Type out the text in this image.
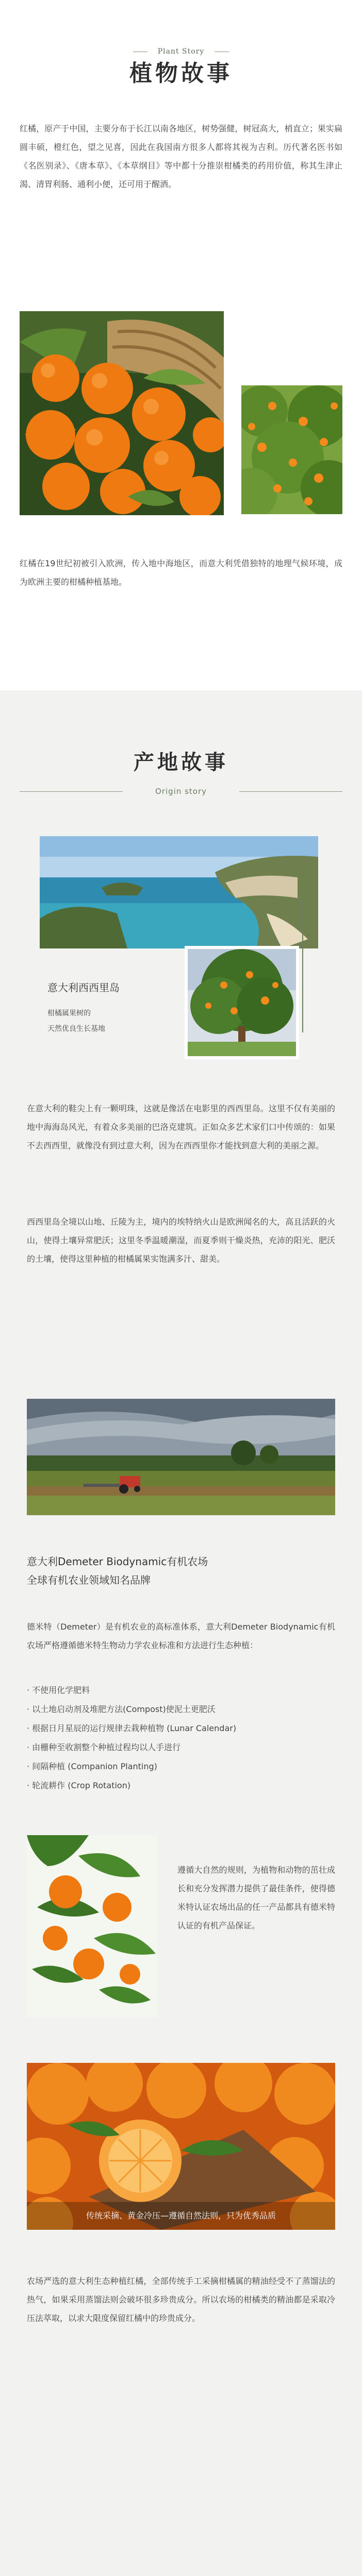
Plant Story
植物故事
红橘，原产于中国，主要分布于长江以南各地区，树势强健，树冠高大，梢直立；果实扁圆丰硕，橙红色，望之见喜，因此在我国南方很多人都将其视为吉利。历代著名医书如《名医别录》、《唐本草》、《本草纲目》等中都十分推崇柑橘类的药用价值，称其生津止渴、清胃利肠、通利小便，还可用于醒酒。
红橘在19世纪初被引入欧洲，传入地中海地区，而意大利凭借独特的地理气候环境，成为欧洲主要的柑橘种植基地。
产地故事
Origin story
意大利西西里岛
柑橘属果树的
天然优良生长基地
在意大利的鞋尖上有一颗明珠，这就是像活在电影里的西西里岛。这里不仅有美丽的地中海海岛风光，有着众多美丽的巴洛克建筑。正如众多艺术家们口中传颂的：如果不去西西里，就像没有到过意大利，因为在西西里你才能找到意大利的美丽之源。
西西里岛全境以山地、丘陵为主，境内的埃特纳火山是欧洲闻名的大，高且活跃的火山，使得土壤异常肥沃；这里冬季温暖潮湿，而夏季则干燥炎热，充沛的阳光、肥沃的土壤，使得这里种植的柑橘属果实饱满多汁、甜美。
意大利Demeter Biodynamic有机农场
全球有机农业领域知名品牌
德米特（Demeter）是有机农业的高标准体系，意大利Demeter Biodynamic有机农场严格遵循德米特生物动力学农业标准和方法进行生态种植：
· 不使用化学肥料
· 以土地启动剂及堆肥方法(Compost)使泥土更肥沃
· 根据日月星辰的运行规律去栽种植物 (Lunar Calendar)
· 由栅种至收割整个种植过程均以人手进行
· 间隔种植 (Companion Planting)
· 轮流耕作 (Crop Rotation)
遵循大自然的规则，为植物和动物的茁壮成长和充分发挥潜力提供了最佳条件，使得德米特认证农场出品的任一产品都具有德米特认证的有机产品保证。
传统采摘、黄金冷压—遵循自然法则，只为优秀品质
农场严选的意大利生态种植红橘，全部传统手工采摘柑橘属的精油经受不了蒸馏法的热气，如果采用蒸馏法则会破坏很多珍贵成分。所以农场的柑橘类的精油都是采取冷压法萃取，以求大限度保留红橘中的珍贵成分。
